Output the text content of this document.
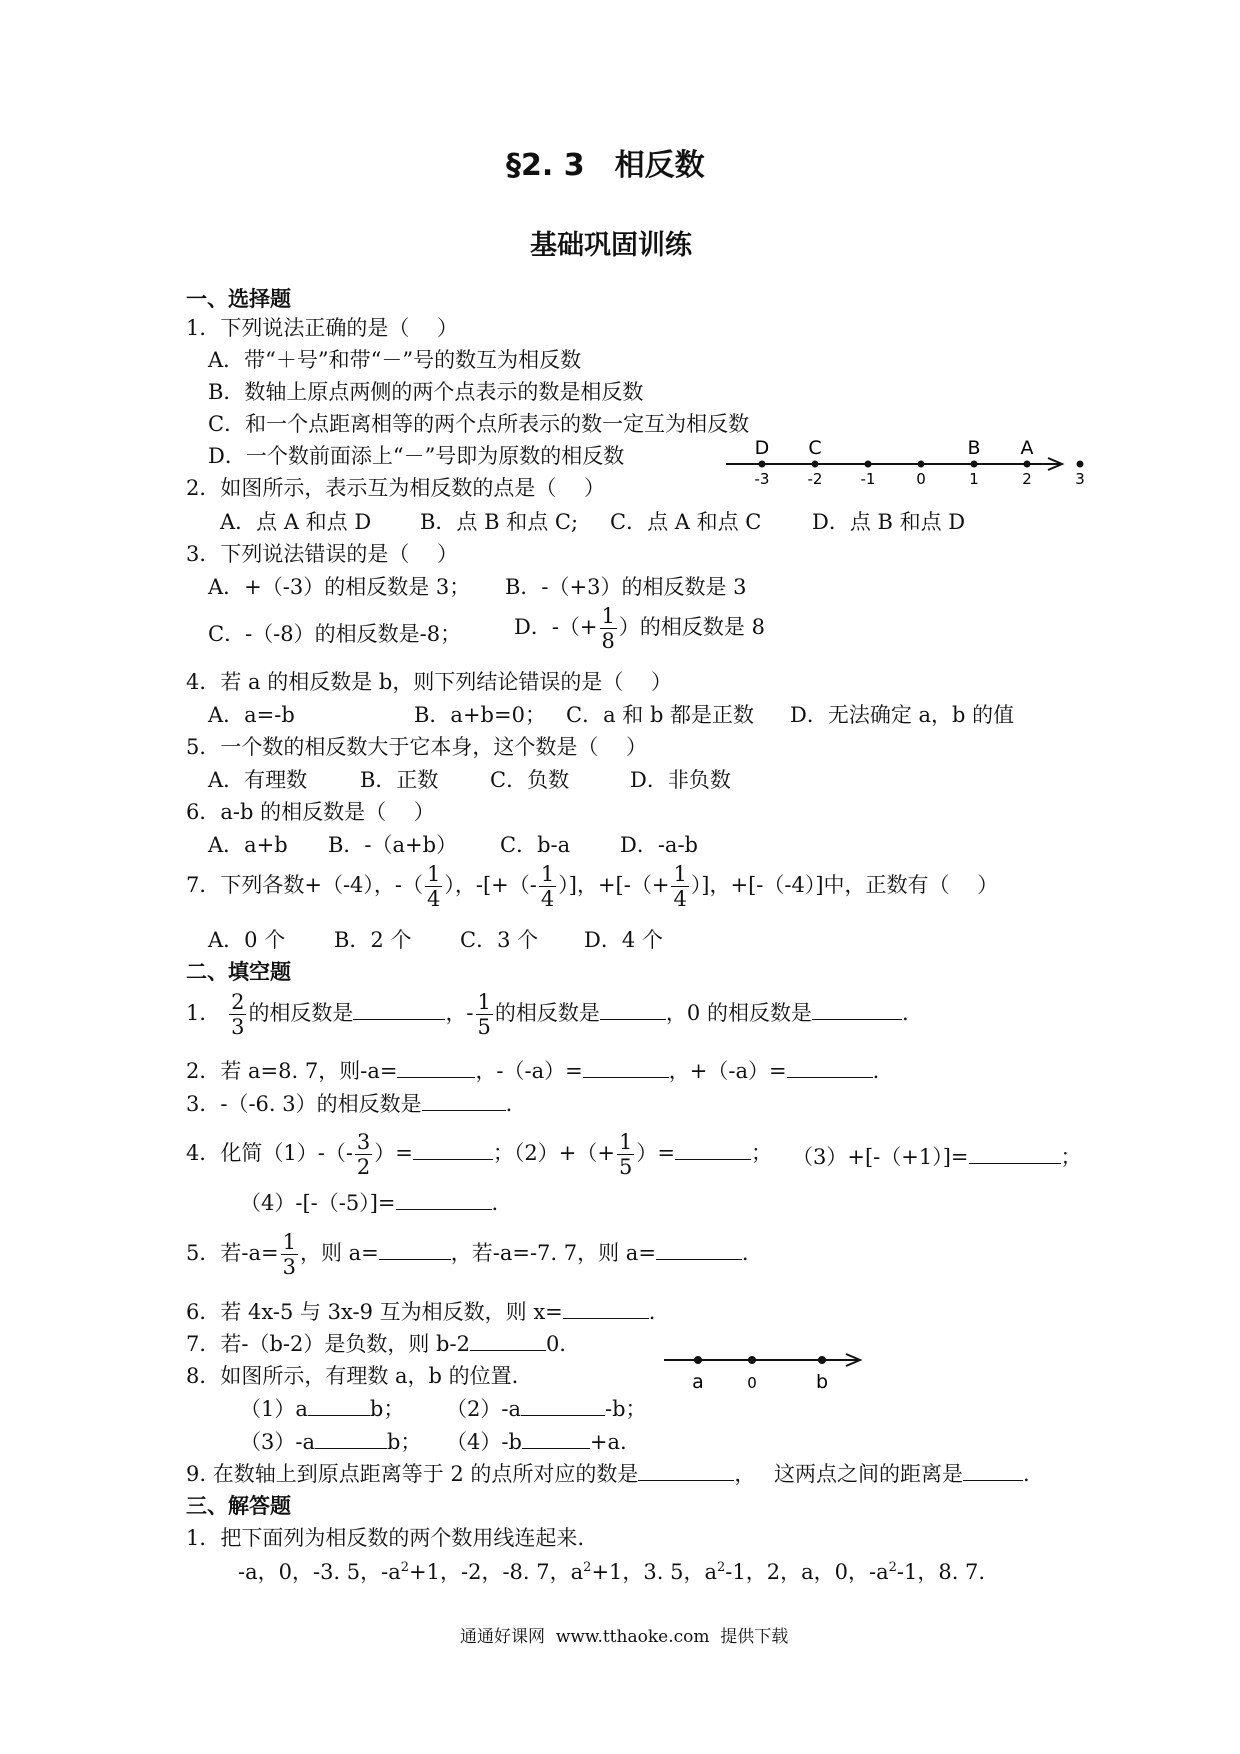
§2. 3　相反数
基础巩固训练
一、选择题
1．下列说法正确的是（　 ）
A．带“＋号”和带“－”号的数互为相反数
B．数轴上原点两侧的两个点表示的数是相反数
C．和一个点距离相等的两个点所表示的数一定互为相反数
D．一个数前面添上“－”号即为原数的相反数
-3	-2	-1	0	1	2	3
D C	B A
2．如图所示，表示互为相反数的点是（　 ）
A．点 A 和点 D B．点 B 和点 C; C．点 A 和点 C D．点 B 和点 D
3．下列说法错误的是（　 ）
A．+（-3）的相反数是 3； B．-（+3）的相反数是 3
C．-（-8）的相反数是-8；	D．-（+ $\frac{1}{8}$ ）的相反数是 8
4．若 a 的相反数是 b，则下列结论错误的是（　 ）
A．a=-b	B．a+b=0； C．a 和 b 都是正数 D．无法确定 a，b 的值
5．一个数的相反数大于它本身，这个数是（　 ）
A．有理数	B．正数 C．负数	D．非负数
6．a-b 的相反数是（　 ）
A．a+b B．-（a+b） C．b-a D．-a-b
7．下列各数+（-4），-（ $\frac{1}{4}$ ），-[+（- $\frac{1}{4}$ ）]，+[-（+ $\frac{1}{4}$ ）]，+[-（-4）]中，正数有（　 ）
A．0 个 B．2 个 C．3 个 D．4 个
二、填空题
1． $\frac{2}{3}$ 的相反数是	，- $\frac{1}{5}$ 的相反数是	，0 的相反数是	.
2．若 a=8. 7，则-a=	，-（-a）=	，+（-a）=	.
3．-（-6. 3）的相反数是	.
4．化简$(1)-(- \frac{3}{2}$ ）=	；$(2)+(+ \frac{1}{5}$ ）=	； （3）+[-（+1）]=	；
（4）-[-（-5）]=	.
5．若$-a= \frac{1}{3}$ ，则 a=	，若-a=-7. 7，则 a=	.
6．若 4x-5 与 3x-9 互为相反数，则 x=	.
7．若-（b-2）是负数，则 b-2	0.
8．如图所示，有理数 a，b 的位置.	a	0	b
（1）a	b； （2）-a	-b；
（3）-a	b； （4）-b	+a.
9. 在数轴上到原点距离等于 2 的点所对应的数是	， 这两点之间的距离是	.
三、解答题
1．把下面列为相反数的两个数用线连起来.
-a，0，-3. 5，$-a^2+1$，-2，-8. 7，$a^2+1$，3. 5，$a^2-1$，2，a，0，$-a^2-1$，8. 7.
通通好课网 www.tthaoke.com 提供下载
